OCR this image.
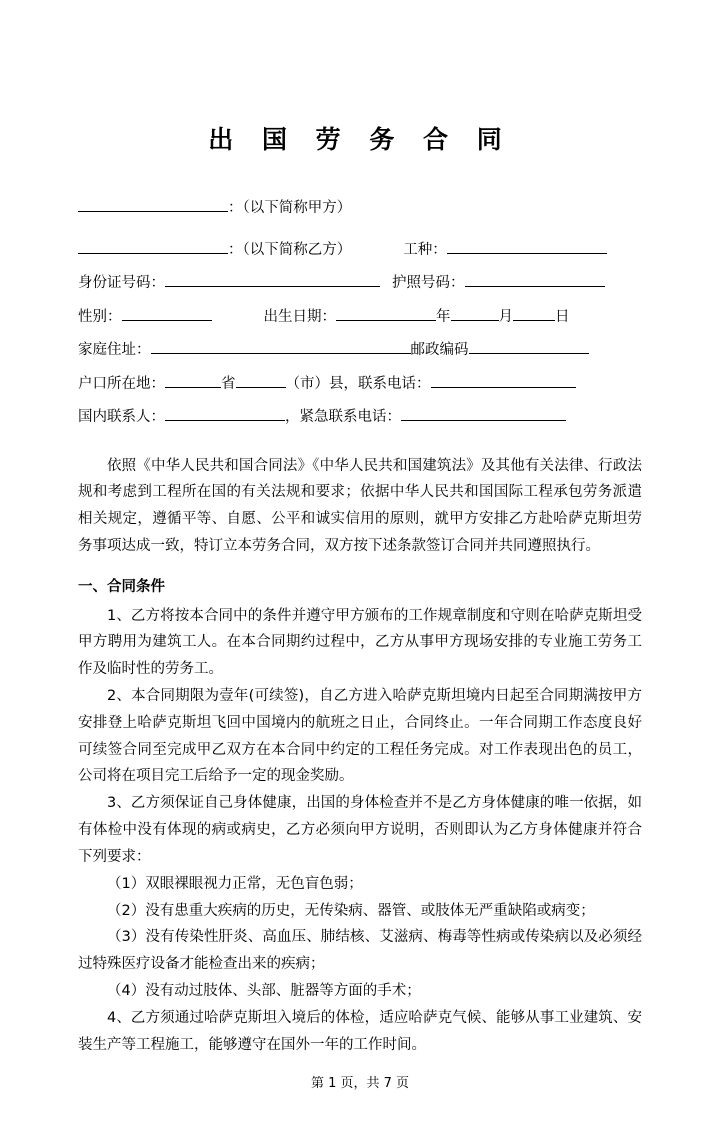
出 国 劳 务 合 同
：（以下简称甲方）
：（以下简称乙方）	工种：
身份证号码：	护照号码：
性别：	出生日期：	年	月	日
家庭住址：	邮政编码
户口所在地：	省	（市）县，联系电话：
国内联系人：	，紧急联系电话：

依照《中华人民共和国合同法》《中华人民共和国建筑法》及其他有关法律、行政法规和考虑到工程所在国的有关法规和要求；依据中华人民共和国国际工程承包劳务派遣相关规定，遵循平等、自愿、公平和诚实信用的原则，就甲方安排乙方赴哈萨克斯坦劳务事项达成一致，特订立本劳务合同，双方按下述条款签订合同并共同遵照执行。

一、合同条件

1、乙方将按本合同中的条件并遵守甲方颁布的工作规章制度和守则在哈萨克斯坦受甲方聘用为建筑工人。在本合同期约过程中，乙方从事甲方现场安排的专业施工劳务工作及临时性的劳务工。

2、本合同期限为壹年(可续签)，自乙方进入哈萨克斯坦境内日起至合同期满按甲方安排登上哈萨克斯坦飞回中国境内的航班之日止，合同终止。一年合同期工作态度良好可续签合同至完成甲乙双方在本合同中约定的工程任务完成。对工作表现出色的员工，公司将在项目完工后给予一定的现金奖励。

3、乙方须保证自己身体健康，出国的身体检查并不是乙方身体健康的唯一依据，如有体检中没有体现的病或病史，乙方必须向甲方说明，否则即认为乙方身体健康并符合下列要求：

（1）双眼裸眼视力正常，无色盲色弱；

（2）没有患重大疾病的历史，无传染病、器管、或肢体无严重缺陷或病变；

（3）没有传染性肝炎、高血压、肺结核、艾滋病、梅毒等性病或传染病以及必须经过特殊医疗设备才能检查出来的疾病；

（4）没有动过肢体、头部、脏器等方面的手术；

4、乙方须通过哈萨克斯坦入境后的体检，适应哈萨克气候、能够从事工业建筑、安装生产等工程施工，能够遵守在国外一年的工作时间。

第 1 页，共 7 页
